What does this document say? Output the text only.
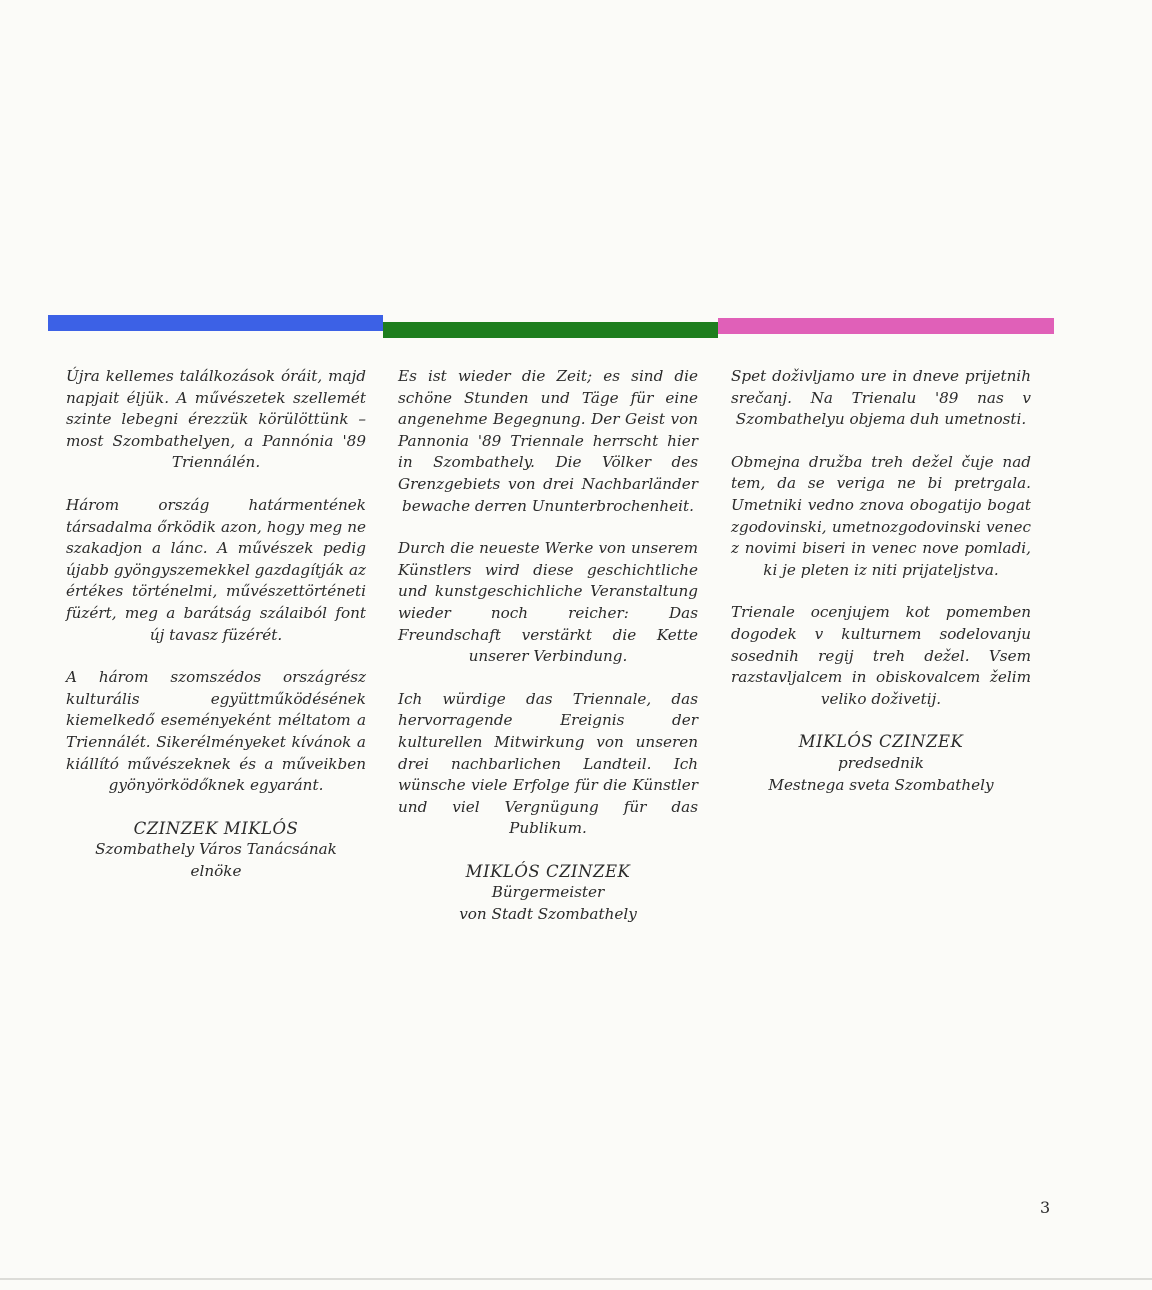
Újra kellemes találkozások óráit, majd napjait éljük. A művészetek szellemét szinte lebegni érezzük körülöttünk – most Szombathelyen, a Pannónia '89 Triennálén.

Három ország határmentének társadalma őrködik azon, hogy meg ne szakadjon a lánc. A művészek pedig újabb gyöngyszemekkel gazdagítják az értékes történelmi, művészettörténeti füzért, meg a barátság szálaiból font új tavasz füzérét.

A három szomszédos országrész kulturális együttműködésének kiemelkedő eseményeként méltatom a Triennálét. Sikerélményeket kívánok a kiállító művészeknek és a műveikben gyönyörködőknek egyaránt.

CZINZEK MIKLÓS
Szombathely Város Tanácsának
elnöke

Es ist wieder die Zeit; es sind die schöne Stunden und Täge für eine angenehme Begegnung. Der Geist von Pannonia '89 Triennale herrscht hier in Szombathely. Die Völker des Grenzgebiets von drei Nachbarländer bewache derren Ununterbrochenheit.

Durch die neueste Werke von unserem Künstlers wird diese geschichtliche und kunstgeschichliche Veranstaltung wieder noch reicher: Das Freundschaft verstärkt die Kette unserer Verbindung.

Ich würdige das Triennale, das hervorragende Ereignis der kulturellen Mitwirkung von unseren drei nachbarlichen Landteil. Ich wünsche viele Erfolge für die Künstler und viel Vergnügung für das Publikum.

MIKLÓS CZINZEK
Bürgermeister
von Stadt Szombathely

Spet doživljamo ure in dneve prijetnih srečanj. Na Trienalu '89 nas v Szombathelyu objema duh umetnosti.

Obmejna družba treh dežel čuje nad tem, da se veriga ne bi pretrgala. Umetniki vedno znova obogatijo bogat zgodovinski, umetnozgodovinski venec z novimi biseri in venec nove pomladi, ki je pleten iz niti prijateljstva.

Trienale ocenjujem kot pomemben dogodek v kulturnem sodelovanju sosednih regij treh dežel. Vsem razstavljalcem in obiskovalcem želim veliko doživetij.

MIKLÓS CZINZEK
predsednik
Mestnega sveta Szombathely
3
